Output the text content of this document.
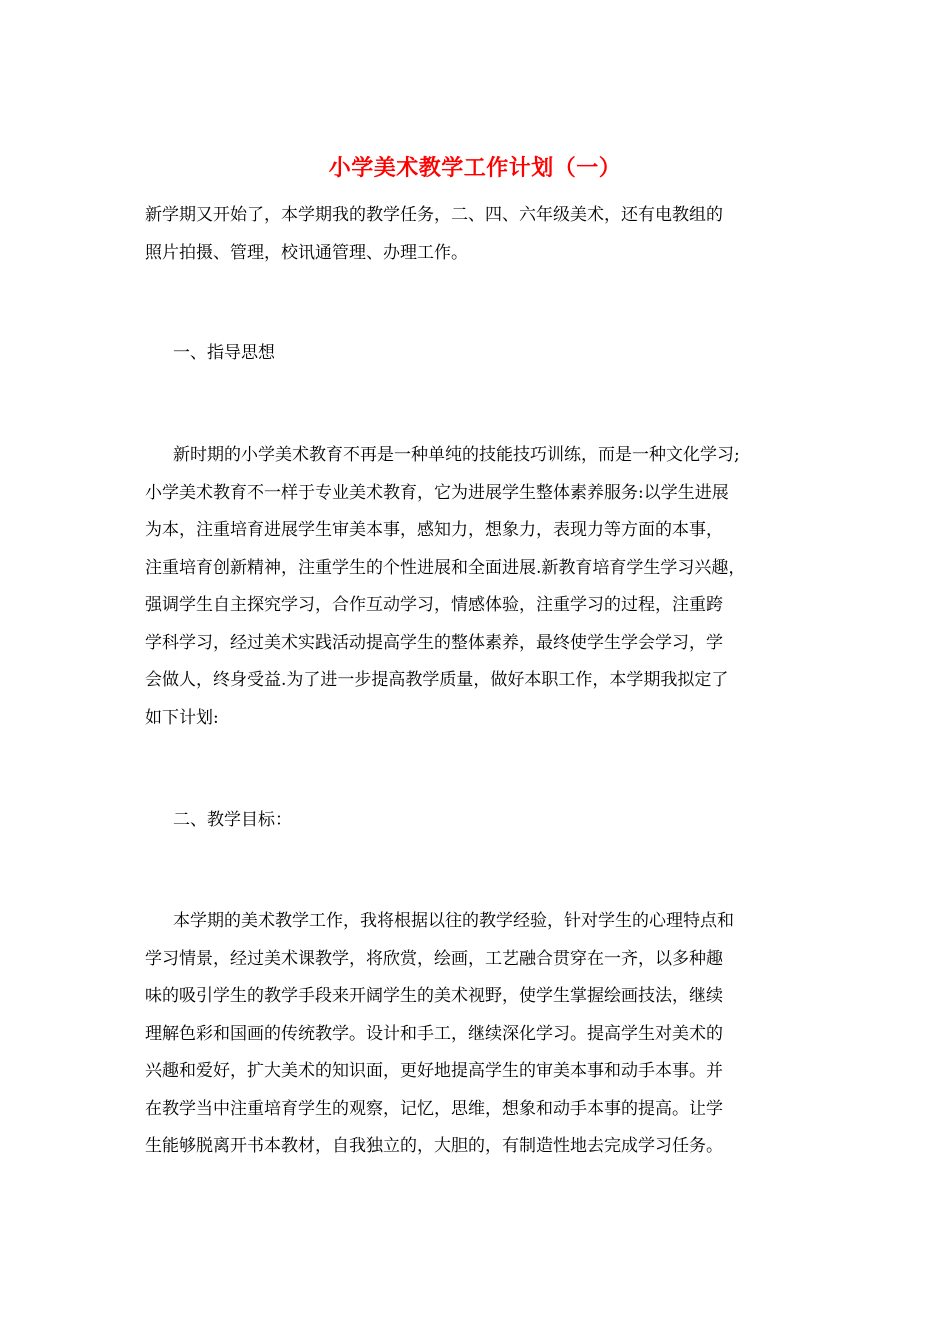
小学美术教学工作计划（一）
新学期又开始了，本学期我的教学任务，二、四、六年级美术，还有电教组的
照片拍摄、管理，校讯通管理、办理工作。
一、指导思想
新时期的小学美术教育不再是一种单纯的技能技巧训练，而是一种文化学习;
小学美术教育不一样于专业美术教育，它为进展学生整体素养服务:以学生进展
为本，注重培育进展学生审美本事，感知力，想象力，表现力等方面的本事，
注重培育创新精神，注重学生的个性进展和全面进展.新教育培育学生学习兴趣，
强调学生自主探究学习，合作互动学习，情感体验，注重学习的过程，注重跨
学科学习，经过美术实践活动提高学生的整体素养，最终使学生学会学习，学
会做人，终身受益.为了进一步提高教学质量，做好本职工作，本学期我拟定了
如下计划:
二、教学目标：
本学期的美术教学工作，我将根据以往的教学经验，针对学生的心理特点和
学习情景，经过美术课教学，将欣赏，绘画，工艺融合贯穿在一齐，以多种趣
味的吸引学生的教学手段来开阔学生的美术视野，使学生掌握绘画技法，继续
理解色彩和国画的传统教学。设计和手工，继续深化学习。提高学生对美术的
兴趣和爱好，扩大美术的知识面，更好地提高学生的审美本事和动手本事。并
在教学当中注重培育学生的观察，记忆，思维，想象和动手本事的提高。让学
生能够脱离开书本教材，自我独立的，大胆的，有制造性地去完成学习任务。
